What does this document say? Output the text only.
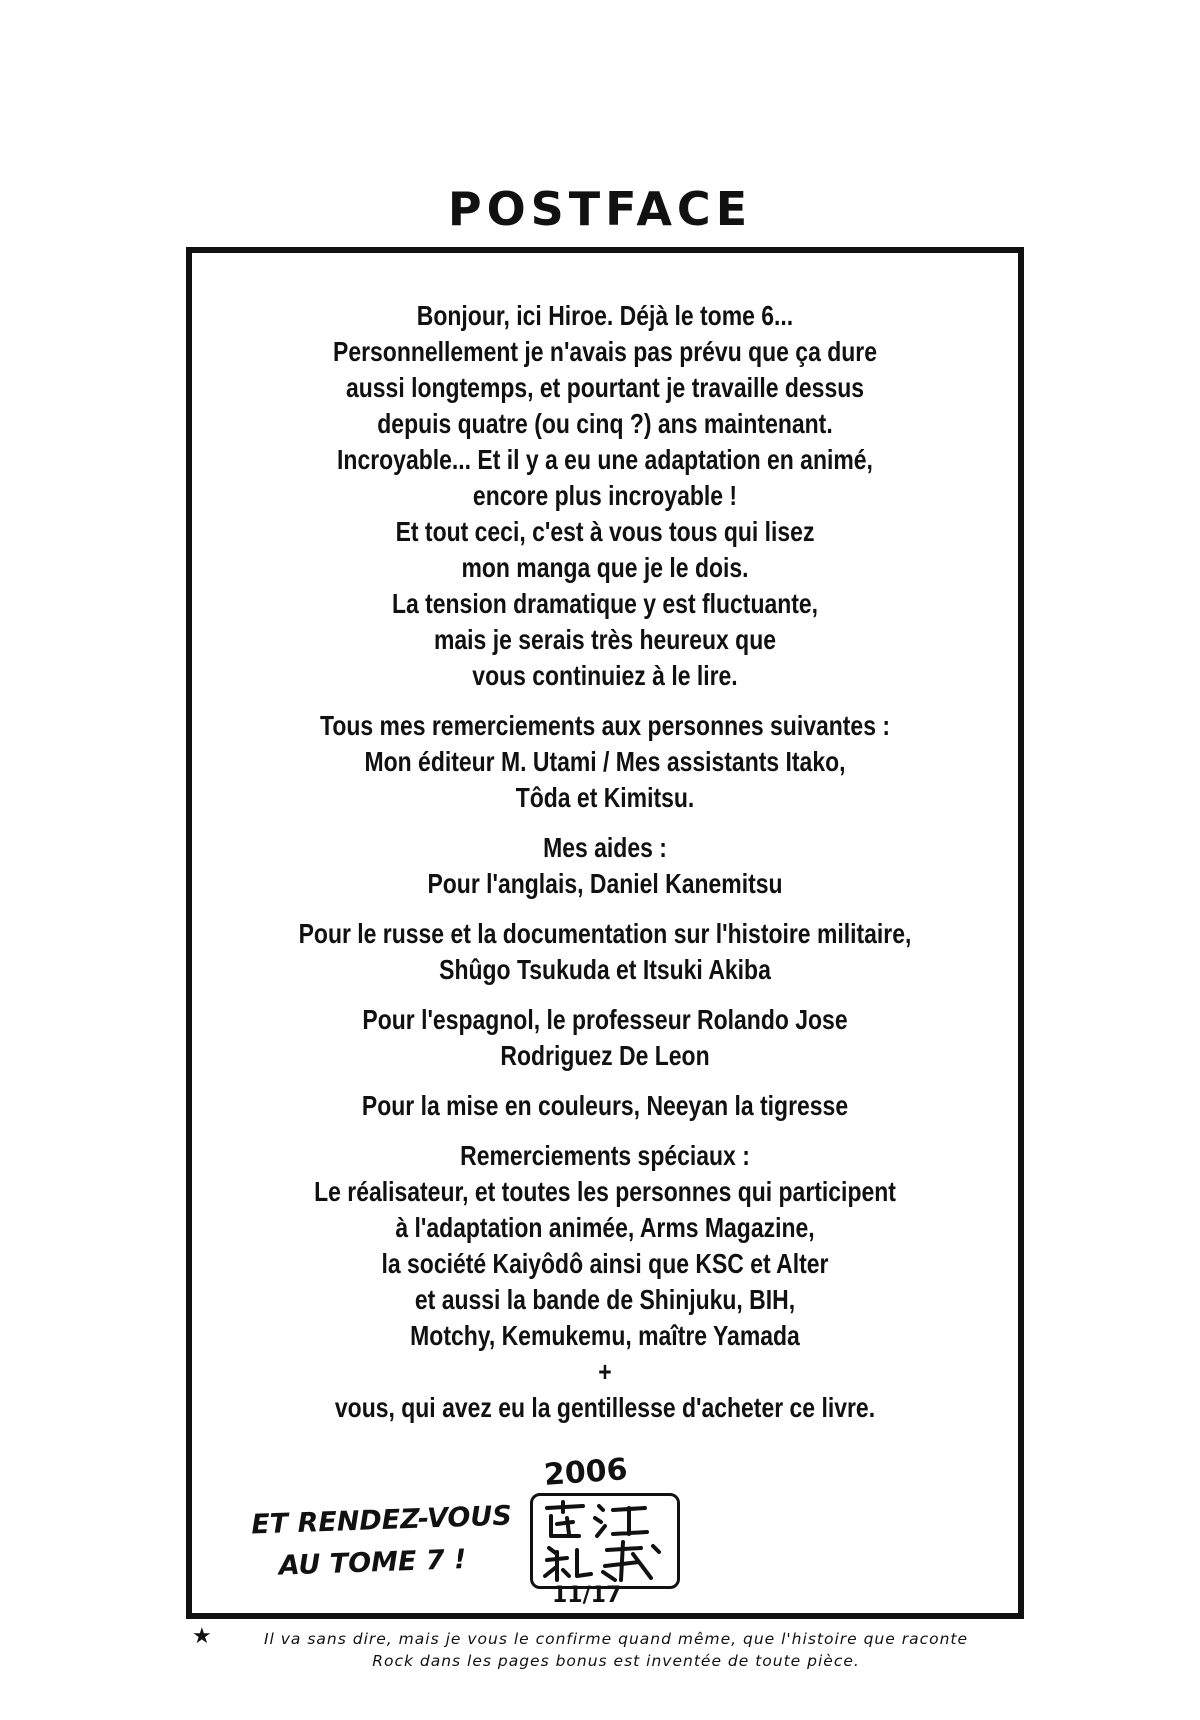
POSTFACE

Bonjour, ici Hiroe. Déjà le tome 6...
Personnellement je n'avais pas prévu que ça dure
aussi longtemps, et pourtant je travaille dessus
depuis quatre (ou cinq ?) ans maintenant.
Incroyable... Et il y a eu une adaptation en animé,
encore plus incroyable !
Et tout ceci, c'est à vous tous qui lisez
mon manga que je le dois.
La tension dramatique y est fluctuante,
mais je serais très heureux que
vous continuiez à le lire.

Tous mes remerciements aux personnes suivantes :
Mon éditeur M. Utami / Mes assistants Itako,
Tôda et Kimitsu.

Mes aides :
Pour l'anglais, Daniel Kanemitsu

Pour le russe et la documentation sur l'histoire militaire,
Shûgo Tsukuda et Itsuki Akiba

Pour l'espagnol, le professeur Rolando Jose
Rodriguez De Leon

Pour la mise en couleurs, Neeyan la tigresse

Remerciements spéciaux :
Le réalisateur, et toutes les personnes qui participent
à l'adaptation animée, Arms Magazine,
la société Kaiyôdô ainsi que KSC et Alter
et aussi la bande de Shinjuku, BIH,
Motchy, Kemukemu, maître Yamada
+
vous, qui avez eu la gentillesse d'acheter ce livre.

ET RENDEZ-VOUS
AU TOME 7 !
2006
11/17
★	Il va sans dire, mais je vous le confirme quand même, que l'histoire que raconte
Rock dans les pages bonus est inventée de toute pièce.
